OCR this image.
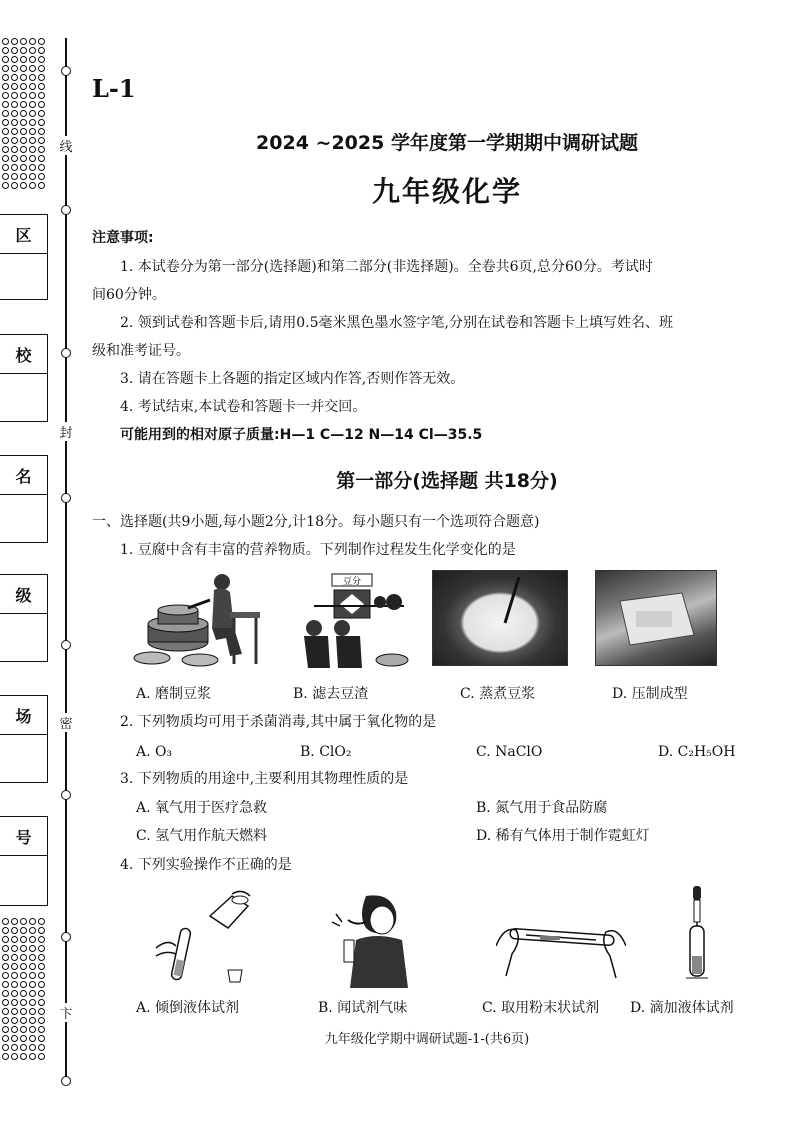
线
封
密
卞
区
校
名
级
场
号
L-1
2024 ~2025 学年度第一学期期中调研试题
九年级化学
注意事项:
1. 本试卷分为第一部分(选择题)和第二部分(非选择题)。全卷共6页,总分60分。考试时
间60分钟。
2. 领到试卷和答题卡后,请用0.5毫米黑色墨水签字笔,分别在试卷和答题卡上填写姓名、班
级和准考证号。
3. 请在答题卡上各题的指定区域内作答,否则作答无效。
4. 考试结束,本试卷和答题卡一并交回。
可能用到的相对原子质量:H—1 C—12 N—14 Cl—35.5
第一部分(选择题 共18分)
一、选择题(共9小题,每小题2分,计18分。每小题只有一个选项符合题意)
1. 豆腐中含有丰富的营养物质。下列制作过程发生化学变化的是
豆分
A. 磨制豆浆	B. 滤去豆渣	C. 蒸煮豆浆	D. 压制成型
2. 下列物质均可用于杀菌消毒,其中属于氧化物的是
A. O₃	B. ClO₂	C. NaClO	D. C₂H₅OH
3. 下列物质的用途中,主要利用其物理性质的是
A. 氧气用于医疗急救	B. 氮气用于食品防腐
C. 氢气用作航天燃料	D. 稀有气体用于制作霓虹灯
4. 下列实验操作不正确的是
A. 倾倒液体试剂	B. 闻试剂气味	C. 取用粉末状试剂 D. 滴加液体试剂
九年级化学期中调研试题-1-(共6页)
